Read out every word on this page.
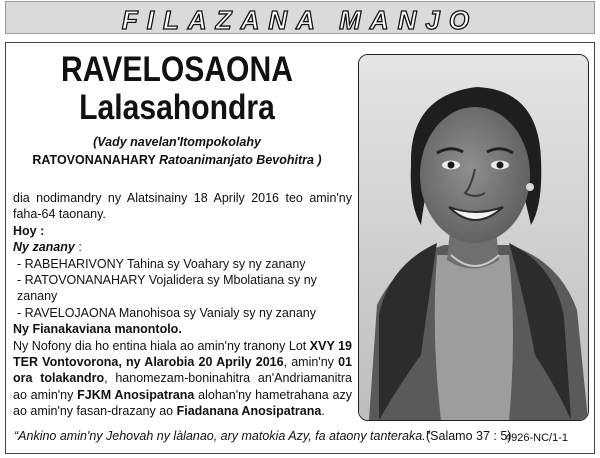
FILAZANA MANJO
RAVELOSAONA
Lalasahondra
(Vady navelan'Itompokolahy
RATOVONANAHARY Ratoanimanjato Bevohitra )

dia nodimandry ny Alatsinainy 18 Aprily 2016 teo amin'ny faha-64 taonany.

Hoy :

Ny zanany :

- RABEHARIVONY Tahina sy Voahary sy ny zanany

- RATOVONANAHARY Vojalidera sy Mbolatiana sy ny zanany

- RAVELOJAONA Manohisoa sy Vanialy sy ny zanany

Ny Fianakaviana manontolo.

Ny Nofony dia ho entina hiala ao amin'ny tranony Lot XVY 19 TER Vontovorona, ny Alarobia 20 Aprily 2016, amin'ny 01 ora tolakandro, hanomezam-boninahitra an'Andriamanitra ao amin'ny FJKM Anosipatrana alohan'ny hametrahana azy ao amin'ny fasan-drazany ao Fiadanana Anosipatrana.

“Ankino amin'ny Jehovah ny làlanao, ary matokia Azy, fa ataony tanteraka.”
(Salamo 37 : 5)
4926-NC/1-1
